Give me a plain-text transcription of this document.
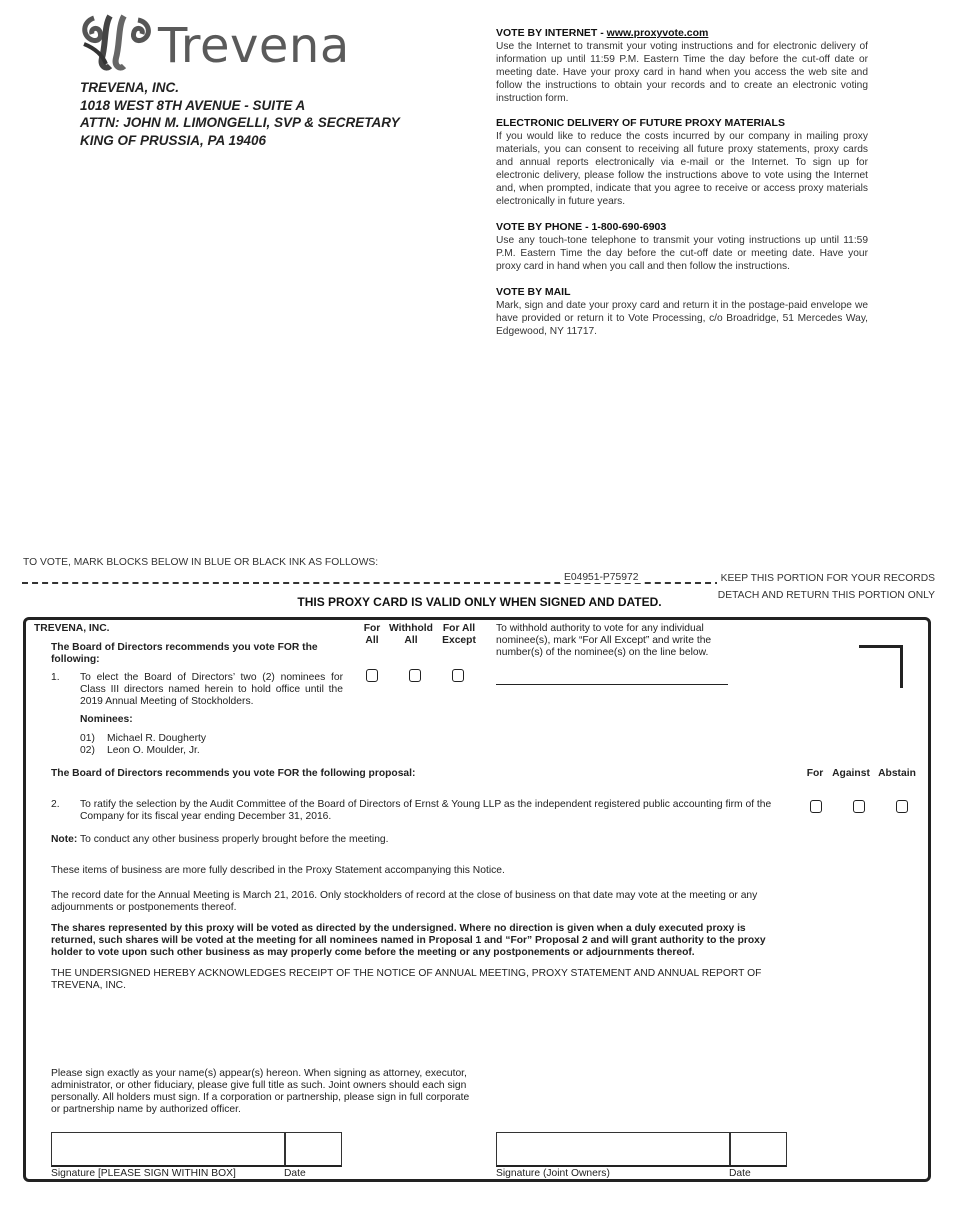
Trevena
TREVENA, INC.
1018 WEST 8TH AVENUE - SUITE A
ATTN: JOHN M. LIMONGELLI, SVP & SECRETARY
KING OF PRUSSIA, PA 19406
VOTE BY INTERNET - www.proxyvote.com
Use the Internet to transmit your voting instructions and for electronic delivery of information up until 11:59 P.M. Eastern Time the day before the cut-off date or meeting date. Have your proxy card in hand when you access the web site and follow the instructions to obtain your records and to create an electronic voting instruction form.
ELECTRONIC DELIVERY OF FUTURE PROXY MATERIALS
If you would like to reduce the costs incurred by our company in mailing proxy materials, you can consent to receiving all future proxy statements, proxy cards and annual reports electronically via e-mail or the Internet. To sign up for electronic delivery, please follow the instructions above to vote using the Internet and, when prompted, indicate that you agree to receive or access proxy materials electronically in future years.
VOTE BY PHONE - 1-800-690-6903
Use any touch-tone telephone to transmit your voting instructions up until 11:59 P.M. Eastern Time the day before the cut-off date or meeting date. Have your proxy card in hand when you call and then follow the instructions.
VOTE BY MAIL
Mark, sign and date your proxy card and return it in the postage-paid envelope we have provided or return it to Vote Processing, c/o Broadridge, 51 Mercedes Way, Edgewood, NY 11717.
TO VOTE, MARK BLOCKS BELOW IN BLUE OR BLACK INK AS FOLLOWS:
E04951-P75972	KEEP THIS PORTION FOR YOUR RECORDS
DETACH AND RETURN THIS PORTION ONLY
THIS PROXY CARD IS VALID ONLY WHEN SIGNED AND DATED.
TREVENA, INC.
The Board of Directors recommends you vote FOR the following:
For All
Withhold All
For All Except
To withhold authority to vote for any individual nominee(s), mark “For All Except” and write the number(s) of the nominee(s) on the line below.
1. To elect the Board of Directors’ two (2) nominees for Class III directors named herein to hold office until the 2019 Annual Meeting of Stockholders.
Nominees:
01) Michael R. Dougherty
02) Leon O. Moulder, Jr.
The Board of Directors recommends you vote FOR the following proposal:	For Against Abstain
2. To ratify the selection by the Audit Committee of the Board of Directors of Ernst & Young LLP as the independent registered public accounting firm of the Company for its fiscal year ending December 31, 2016.
Note: To conduct any other business properly brought before the meeting.
These items of business are more fully described in the Proxy Statement accompanying this Notice.
The record date for the Annual Meeting is March 21, 2016. Only stockholders of record at the close of business on that date may vote at the meeting or any adjournments or postponements thereof.
The shares represented by this proxy will be voted as directed by the undersigned. Where no direction is given when a duly executed proxy is returned, such shares will be voted at the meeting for all nominees named in Proposal 1 and “For” Proposal 2 and will grant authority to the proxy holder to vote upon such other business as may properly come before the meeting or any postponements or adjournments thereof.
THE UNDERSIGNED HEREBY ACKNOWLEDGES RECEIPT OF THE NOTICE OF ANNUAL MEETING, PROXY STATEMENT AND ANNUAL REPORT OF TREVENA, INC.
Please sign exactly as your name(s) appear(s) hereon. When signing as attorney, executor, administrator, or other fiduciary, please give full title as such. Joint owners should each sign personally. All holders must sign. If a corporation or partnership, please sign in full corporate or partnership name by authorized officer.
Signature [PLEASE SIGN WITHIN BOX]	Date	Signature (Joint Owners)	Date
